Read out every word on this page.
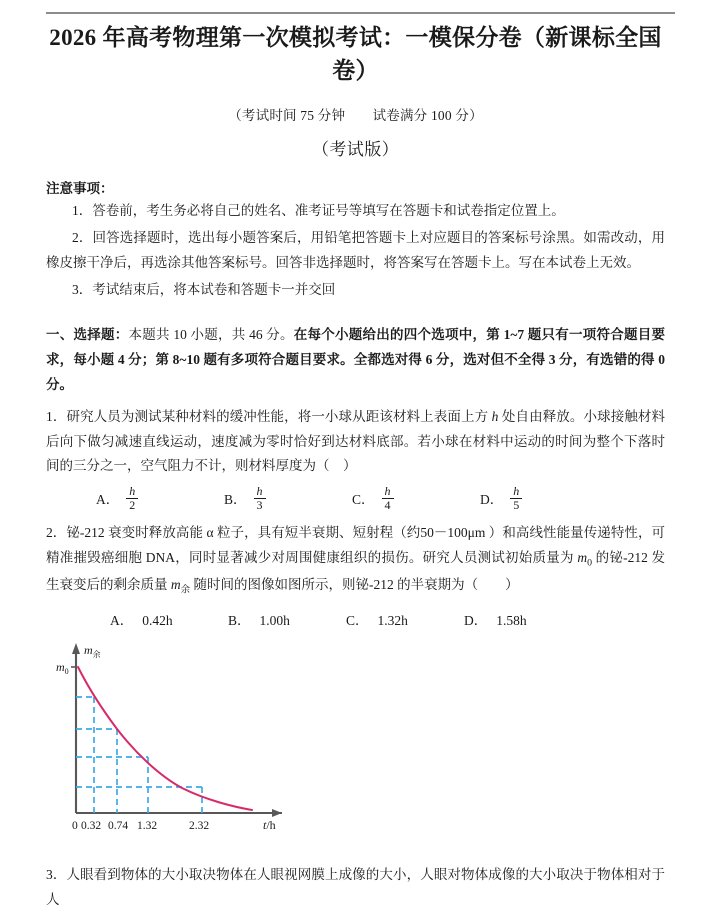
2026 年高考物理第一次模拟考试：一模保分卷（新课标全国卷）
（考试时间 75 分钟　　试卷满分 100 分）
（考试版）
注意事项：
1．答卷前，考生务必将自己的姓名、准考证号等填写在答题卡和试卷指定位置上。
2．回答选择题时，选出每小题答案后，用铅笔把答题卡上对应题目的答案标号涂黑。如需改动，用橡皮擦干净后，再选涂其他答案标号。回答非选择题时，将答案写在答题卡上。写在本试卷上无效。
3．考试结束后，将本试卷和答题卡一并交回
一、选择题：本题共 10 小题，共 46 分。在每个小题给出的四个选项中，第 1~7 题只有一项符合题目要求，每小题 4 分；第 8~10 题有多项符合题目要求。全都选对得 6 分，选对但不全得 3 分，有选错的得 0 分。
1．研究人员为测试某种材料的缓冲性能，将一小球从距该材料上表面上方 h 处自由释放。小球接触材料后向下做匀减速直线运动，速度减为零时恰好到达材料底部。若小球在材料中运动的时间为整个下落时间的三分之一，空气阻力不计，则材料厚度为（　）
A． $\frac{h}{2}$	B． $\frac{h}{3}$	C． $\frac{h}{4}$	D． $\frac{h}{5}$
2．铋-212 衰变时释放高能 α 粒子，具有短半衰期、短射程（约50－100μm ）和高线性能量传递特性，可精准摧毁癌细胞 DNA，同时显著减少对周围健康组织的损伤。研究人员测试初始质量为 $m_0$ 的铋-212 发生衰变后的剩余质量 $m_余$ 随时间的图像如图所示，则铋-212 的半衰期为（　　）
A． 0.42h	B． 1.00h	C． 1.32h	D． 1.58h
$m_余$
$m_0$
0 0.32 0.74 1.32	2.32	t/h
3．人眼看到物体的大小取决物体在人眼视网膜上成像的大小，人眼对物体成像的大小取决于物体相对于人
